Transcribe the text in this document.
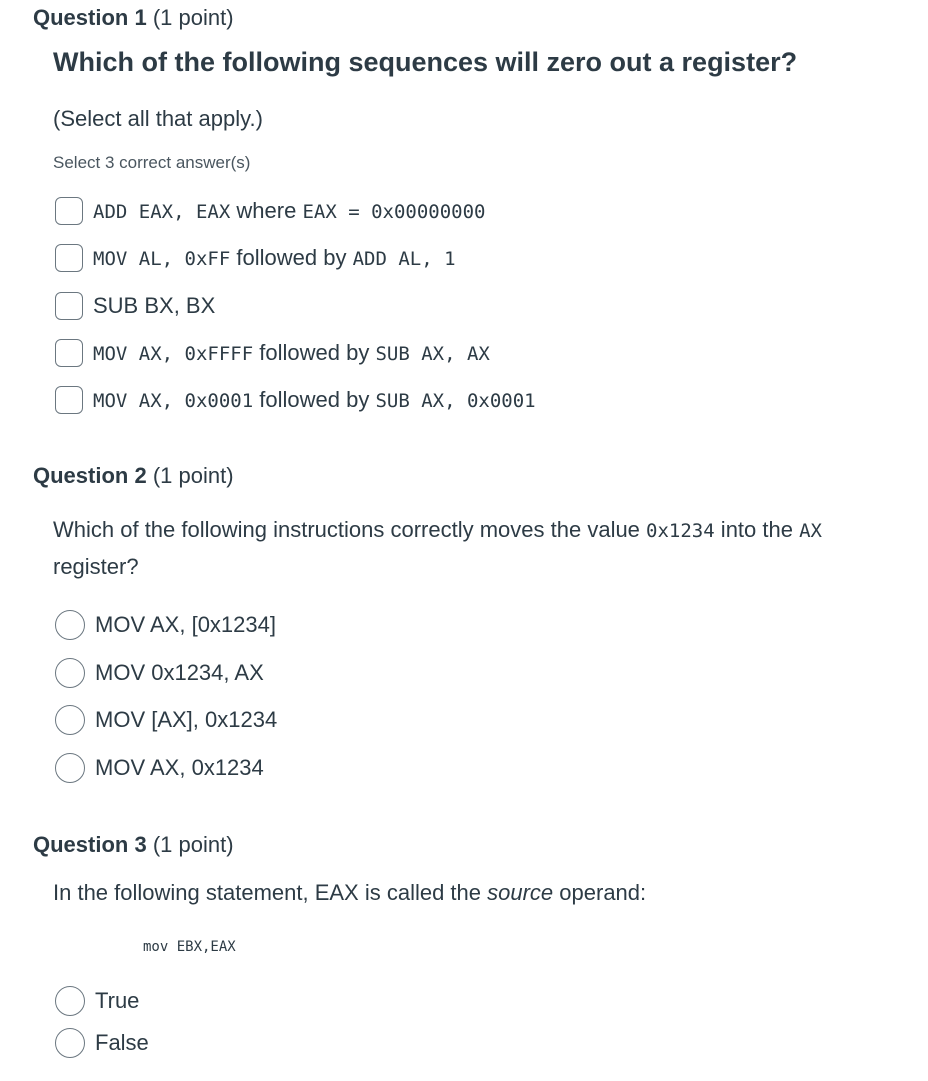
Question 1 (1 point)
Which of the following sequences will zero out a register?
(Select all that apply.)
Select 3 correct answer(s)
ADD EAX, EAX where EAX = 0x00000000
MOV AL, 0xFF followed by ADD AL, 1
SUB BX, BX
MOV AX, 0xFFFF followed by SUB AX, AX
MOV AX, 0x0001 followed by SUB AX, 0x0001
Question 2 (1 point)
Which of the following instructions correctly moves the value 0x1234 into the AX
register?
MOV AX, [0x1234]
MOV 0x1234, AX
MOV [AX], 0x1234
MOV AX, 0x1234
Question 3 (1 point)
In the following statement, EAX is called the source operand:
mov EBX,EAX
True
False
